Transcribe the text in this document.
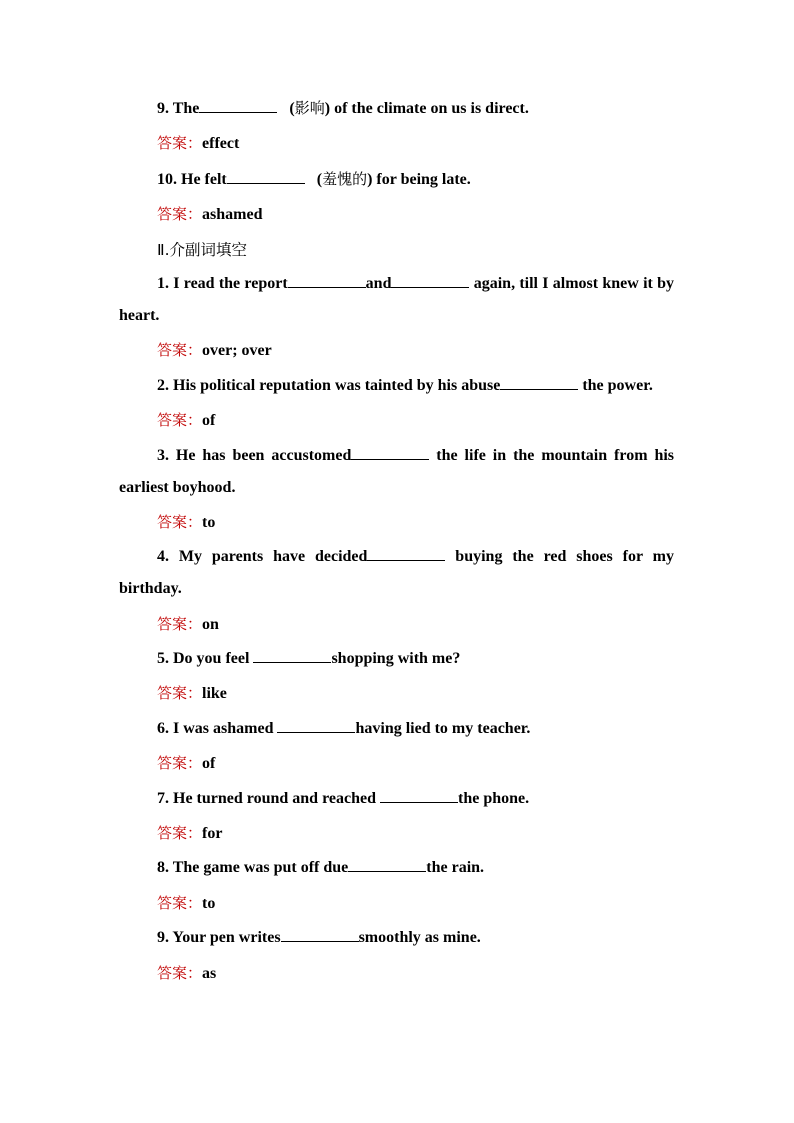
9. The	(影响) of the climate on us is direct.
答案：effect
10. He felt	(羞愧的) for being late.
答案：ashamed
Ⅱ.介副词填空
1. I read the report	and	again, till I almost knew it by heart.
答案：over; over
2. His political reputation was tainted by his abuse	the power.
答案：of
3. He has been accustomed	the life in the mountain from his earliest boyhood.
答案：to
4. My parents have decided	buying the red shoes for my birthday.
答案：on
5. Do you feel	shopping with me?
答案：like
6. I was ashamed	having lied to my teacher.
答案：of
7. He turned round and reached	the phone.
答案：for
8. The game was put off due	the rain.
答案：to
9. Your pen writes	smoothly as mine.
答案：as
